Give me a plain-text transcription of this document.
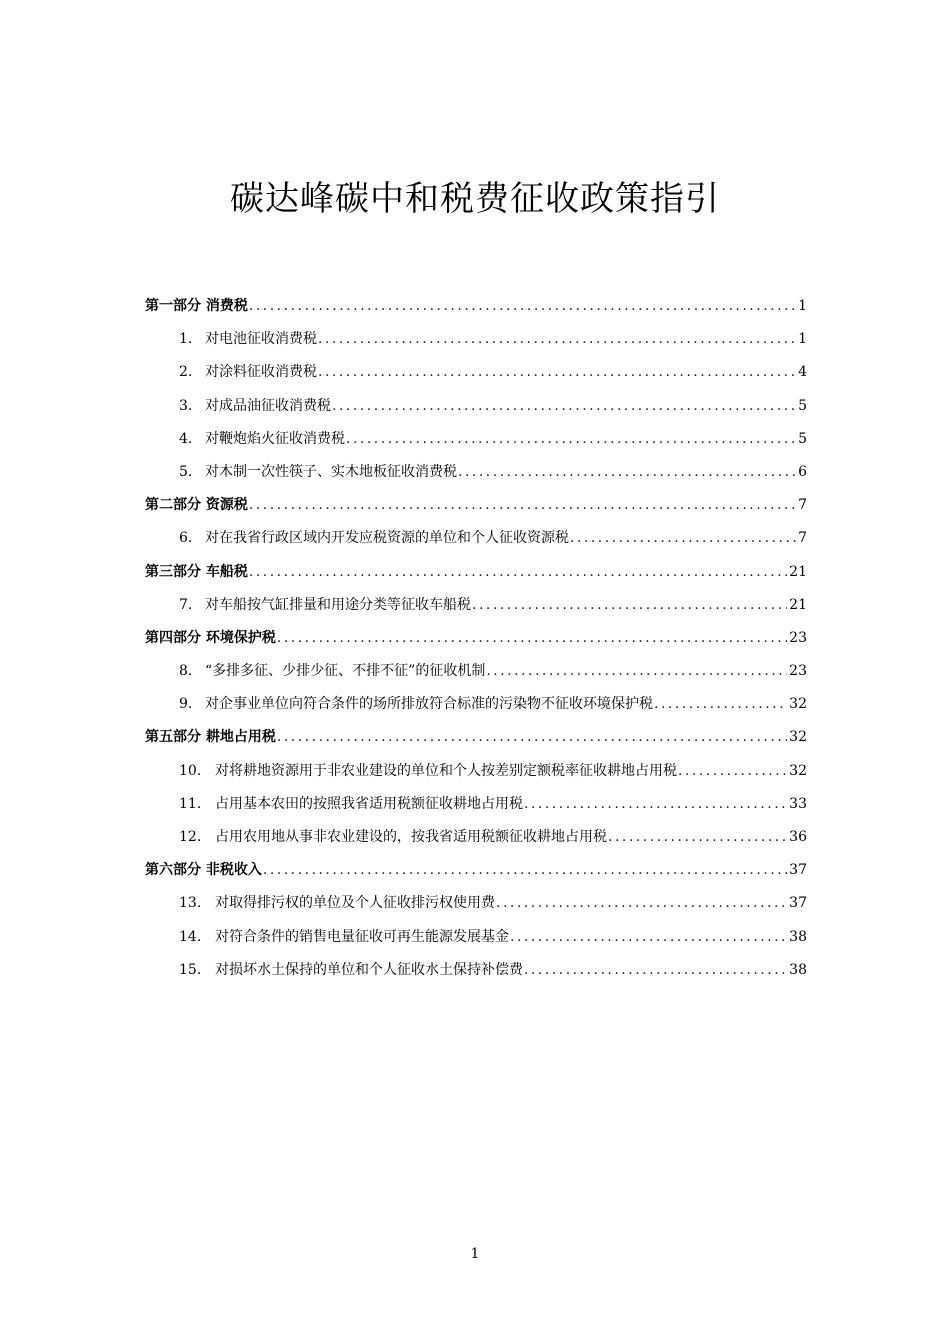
碳达峰碳中和税费征收政策指引
第一部分 消费税 .....	1
1. 对电池征收消费税 .....	1
2. 对涂料征收消费税 .....	4
3. 对成品油征收消费税 .....	5
4. 对鞭炮焰火征收消费税 .....	5
5. 对木制一次性筷子、实木地板征收消费税 .....	6
第二部分 资源税 .....	7
6. 对在我省行政区域内开发应税资源的单位和个人征收资源税 .....	7
第三部分 车船税 .....	21
7. 对车船按气缸排量和用途分类等征收车船税 .....	21
第四部分 环境保护税 .....	23
8. “多排多征、少排少征、不排不征”的征收机制 .....	23
9. 对企事业单位向符合条件的场所排放符合标准的污染物不征收环境保护税 .....	32
第五部分 耕地占用税 .....	32
10. 对将耕地资源用于非农业建设的单位和个人按差别定额税率征收耕地占用税 .....	32
11. 占用基本农田的按照我省适用税额征收耕地占用税 .....	33
12. 占用农用地从事非农业建设的，按我省适用税额征收耕地占用税 .....	36
第六部分 非税收入 .....	37
13. 对取得排污权的单位及个人征收排污权使用费 .....	37
14. 对符合条件的销售电量征收可再生能源发展基金 .....	38
15. 对损坏水土保持的单位和个人征收水土保持补偿费 .....	38
1
